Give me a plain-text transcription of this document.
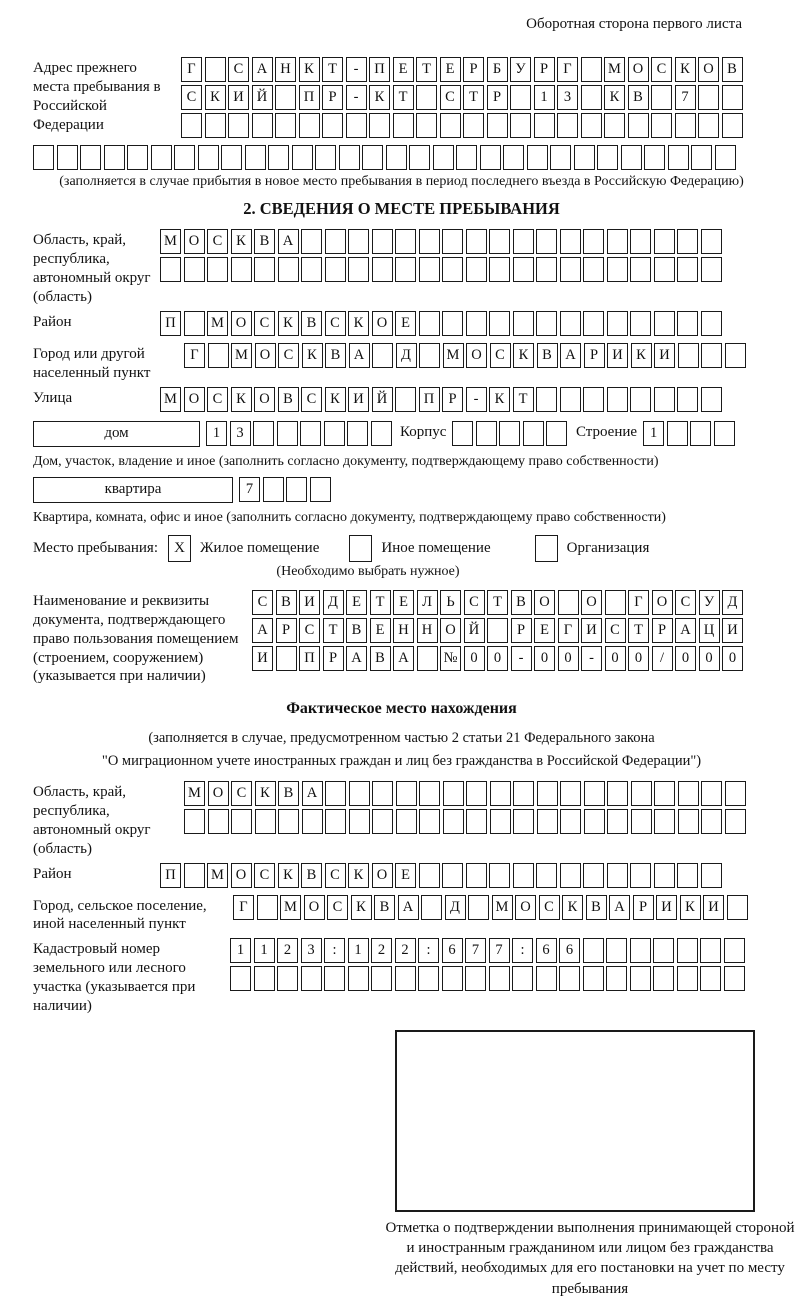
Оборотная сторона первого листа
Адрес прежнего места пребывания в Российской Федерации
Г	С А Н К Т	-	П Е	Т	Е	Р	Б У Р	Г	М О С К О В
С К И Й	П Р	-	К Т	С Т	Р	1	3	К В	7
(заполняется в случае прибытия в новое место пребывания в период последнего въезда в Российскую Федерацию)
2. СВЕДЕНИЯ О МЕСТЕ ПРЕБЫВАНИЯ
Область, край, республика, автономный округ (область)
М О С К В А
Район	П	М О С К В С К О Е
Город или другой населенный пункт
Г	М О С К В А	Д	М О С К В А Р И К И
Улица	М О С К О В С К И Й	П Р	-	К Т
дом	1	3	Корпус	Строение 1
Дом, участок, владение и иное (заполнить согласно документу, подтверждающему право собственности)
квартира	7
Квартира, комната, офис и иное (заполнить согласно документу, подтверждающему право собственности)
Место пребывания:	X	Жилое помещение	Иное помещение	Организация
(Необходимо выбрать нужное)
Наименование и реквизиты документа, подтверждающего право пользования помещением (строением, сооружением) (указывается при наличии)
С В И Д Е	Т	Е Л Ь	С Т В О	О	Г О С У Д
А Р	С Т В Е Н Н О Й	Р	Е	Г И С Т	Р А Ц И
И	П Р А В А	№ 0	0	-	0	0	-	0	0	/	0	0	0
Фактическое место нахождения
(заполняется в случае, предусмотренном частью 2 статьи 21 Федерального закона
"О миграционном учете иностранных граждан и лиц без гражданства в Российской Федерации")
Область, край, республика, автономный округ (область)
М О С К В А
Район	П	М О С К В С К О Е
Город, сельское поселение, иной населенный пункт
Г	М О С К В А	Д	М О С К В А Р И К И
Кадастровый номер земельного или лесного участка (указывается при наличии)
1	1	2	3	:	1	2	2	:	6	7	7	:	6	6
Отметка о подтверждении выполнения принимающей стороной и иностранным гражданином или лицом без гражданства действий, необходимых для его постановки на учет по месту пребывания
